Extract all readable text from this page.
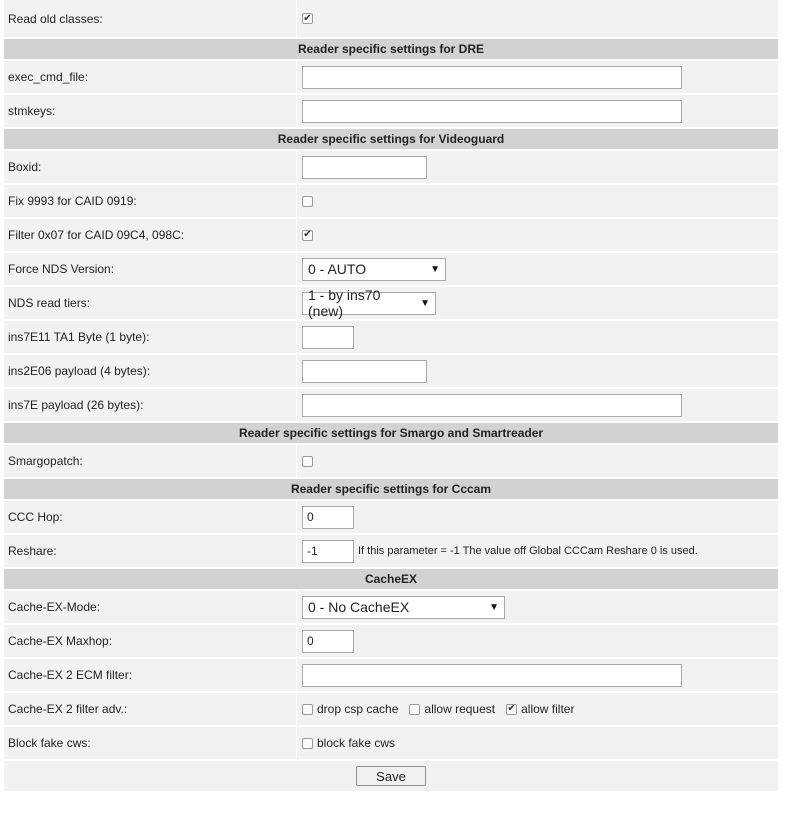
Read old classes:	✔
Reader specific settings for DRE
exec_cmd_file:
stmkeys:
Reader specific settings for Videoguard
Boxid:
Fix 9993 for CAID 0919:
Filter 0x07 for CAID 09C4, 098C:	✔
Force NDS Version:	0 - AUTO	▼
NDS read tiers:	1 - by ins70 (new)	▼
ins7E11 TA1 Byte (1 byte):
ins2E06 payload (4 bytes):
ins7E payload (26 bytes):
Reader specific settings for Smargo and Smartreader
Smargopatch:
Reader specific settings for Cccam
CCC Hop:
0
Reshare:
-1	If this parameter = -1 The value off Global CCCam Reshare 0 is used.
CacheEX
Cache-EX-Mode:	0 - No CacheEX	▼
Cache-EX Maxhop:
0
Cache-EX 2 ECM filter:
Cache-EX 2 filter adv.:	drop csp cache allow request ✔ allow filter
Block fake cws:	block fake cws
Save
